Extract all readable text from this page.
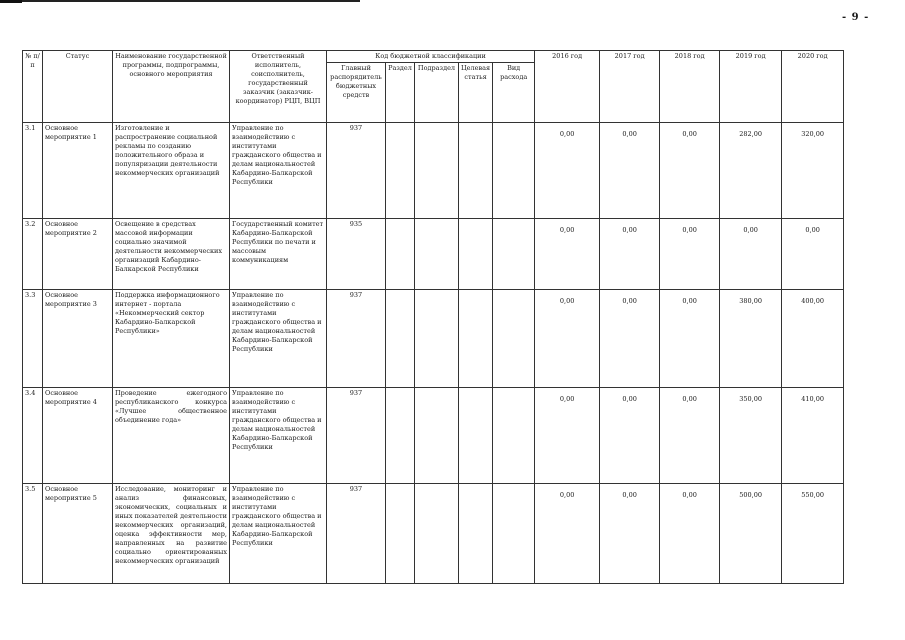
- 9 -
№ п/п	Статус	Наименование государственной программы, подпрограммы, основного мероприятия	Ответственный исполнитель, соисполнитель, государственный заказчик (заказчик-координатор) РЦП, ВЦП	Код бюджетной классификации					2016 год	2017 год	2018 год	2019 год	2020 год
				Главный распорядитель бюджетных средств	Раздел	Подраздел	Целевая статья	Вид расхода					
3.1	Основное мероприятие 1	Изготовление и распространение социальной рекламы по созданию положительного образа и популяризации деятельности некоммерческих организаций	Управление по взаимодействию с институтами гражданского общества и делам национальностей Кабардино-Балкарской Республики	937					0,00	0,00	0,00	282,00	320,00
3.2	Основное мероприятие 2	Освещение в средствах массовой информации социально значимой деятельности некоммерческих организаций Кабардино-Балкарской Республики	Государственный комитет Кабардино-Балкарской Республики по печати и массовым коммуникациям	935					0,00	0,00	0,00	0,00	0,00
3.3	Основное мероприятие 3	Поддержка информационного интернет - портала «Некоммерческий сектор Кабардино-Балкарской Республики»	Управление по взаимодействию с институтами гражданского общества и делам национальностей Кабардино-Балкарской Республики	937					0,00	0,00	0,00	380,00	400,00
3.4	Основное мероприятие 4	Проведение ежегодного республиканского конкурса «Лучшее общественное объединение года»	Управление по взаимодействию с институтами гражданского общества и делам национальностей Кабардино-Балкарской Республики	937					0,00	0,00	0,00	350,00	410,00
3.5	Основное мероприятие 5	Исследование, мониторинг и анализ финансовых, экономических, социальных и иных показателей деятельности некоммерческих организаций, оценка эффективности мер, направленных на развитие социально ориентированных некоммерческих организаций	Управление по взаимодействию с институтами гражданского общества и делам национальностей Кабардино-Балкарской Республики	937					0,00	0,00	0,00	500,00	550,00
